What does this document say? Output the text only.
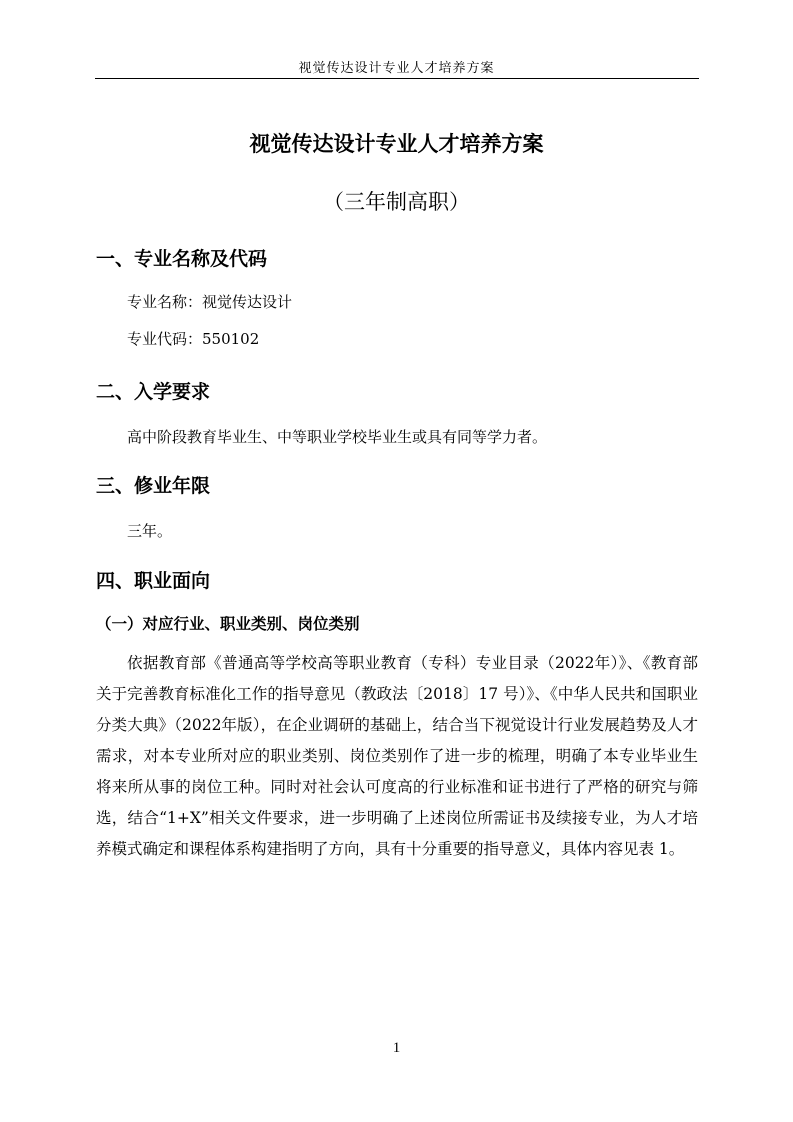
视觉传达设计专业人才培养方案
视觉传达设计专业人才培养方案
（三年制高职）
一、专业名称及代码
专业名称：视觉传达设计
专业代码：550102
二、入学要求
高中阶段教育毕业生、中等职业学校毕业生或具有同等学力者。
三、修业年限
三年。
四、职业面向
（一）对应行业、职业类别、岗位类别
依据教育部《普通高等学校高等职业教育（专科）专业目录（2022年）》、《教育部关于完善教育标准化工作的指导意见（教政法〔2018〕17 号）》、《中华人民共和国职业分类大典》（2022年版），在企业调研的基础上，结合当下视觉设计行业发展趋势及人才需求，对本专业所对应的职业类别、岗位类别作了进一步的梳理，明确了本专业毕业生将来所从事的岗位工种。同时对社会认可度高的行业标准和证书进行了严格的研究与筛选，结合“1+X”相关文件要求，进一步明确了上述岗位所需证书及续接专业，为人才培养模式确定和课程体系构建指明了方向，具有十分重要的指导意义，具体内容见表 1。
1
